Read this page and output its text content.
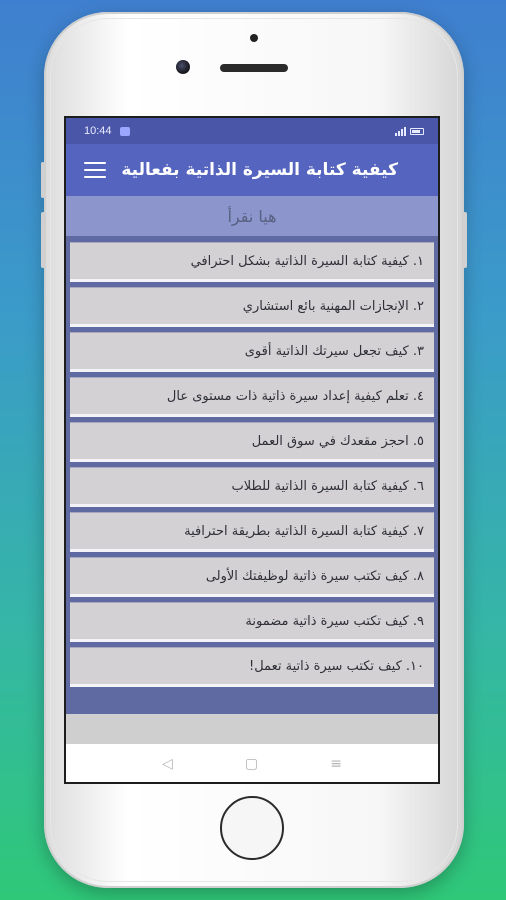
10:44
كيفية كتابة السيرة الذاتية بفعالية
هيا نقرأ
١. كيفية كتابة السيرة الذاتية بشكل احترافي
٢. الإنجازات المهنية بائع استشاري
٣. كيف تجعل سيرتك الذاتية أقوى
٤. تعلم كيفية إعداد سيرة ذاتية ذات مستوى عال
٥. احجز مقعدك في سوق العمل
٦. كيفية كتابة السيرة الذاتية للطلاب
٧. كيفية كتابة السيرة الذاتية بطريقة احترافية
٨. كيف تكتب سيرة ذاتية لوظيفتك الأولى
٩. كيف تكتب سيرة ذاتية مضمونة
١٠. كيف تكتب سيرة ذاتية تعمل!
◁	▢	≡
